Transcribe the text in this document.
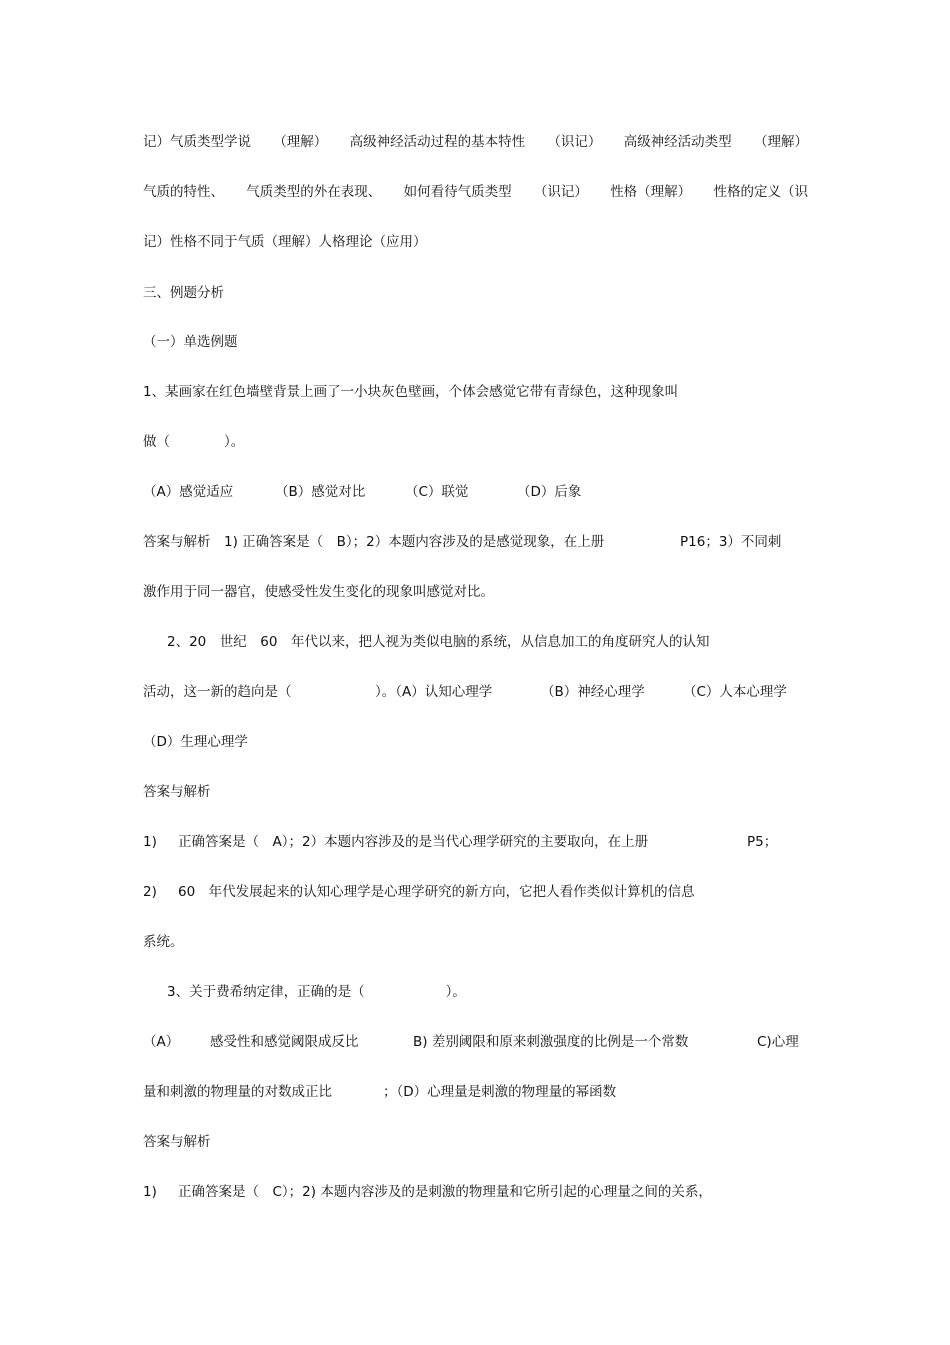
记）气质类型学说 （理解） 高级神经活动过程的基本特性 （识记） 高级神经活动类型 （理解）
气质的特性、 气质类型的外在表现、 如何看待气质类型 （识记） 性格（理解） 性格的定义（识
记）性格不同于气质（理解）人格理论（应用）
三、例题分析
（一）单选例题
1、某画家在红色墙壁背景上画了一小块灰色壁画，个体会感觉它带有青绿色，这种现象叫
做（　　　　）。
（A）感觉适应	（B）感觉对比	（C）联觉	（D）后象
答案与解析　1) 正确答案是（　B）；2）本题内容涉及的是感觉现象，在上册	P16；3）不同刺
激作用于同一器官，使感受性发生变化的现象叫感觉对比。
2、20　世纪　60　年代以来，把人视为类似电脑的系统，从信息加工的角度研究人的认知
活动，这一新的趋向是（	）。（A）认知心理学	（B）神经心理学	（C）人本心理学
（D）生理心理学
答案与解析
1) 正确答案是（　A）；2）本题内容涉及的是当代心理学研究的主要取向，在上册	P5；
2) 60　年代发展起来的认知心理学是心理学研究的新方向，它把人看作类似计算机的信息
系统。
3、关于费希纳定律，正确的是（　　　　　　）。
（A） 感受性和感觉阈限成反比	B) 差别阈限和原来刺激强度的比例是一个常数	C)心理
量和刺激的物理量的对数成正比	；（D）心理量是刺激的物理量的幂函数
答案与解析
1) 正确答案是（　C）；2) 本题内容涉及的是刺激的物理量和它所引起的心理量之间的关系，
